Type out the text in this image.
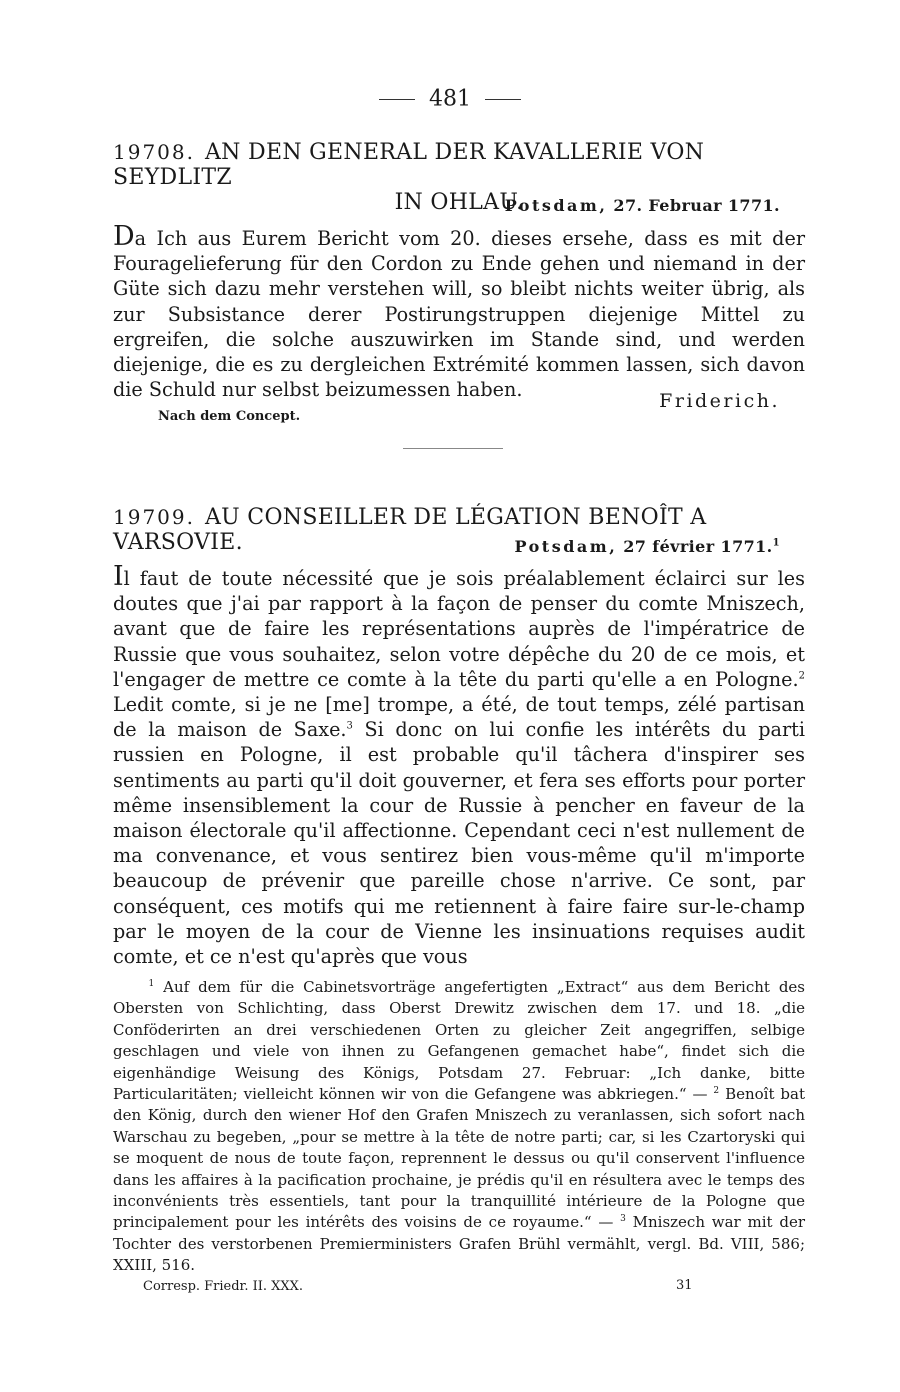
481
19708. AN DEN GENERAL DER KAVALLERIE VON SEYDLITZ
IN OHLAU.
Potsdam, 27. Februar 1771.
Da Ich aus Eurem Bericht vom 20. dieses ersehe, dass es mit der Fouragelieferung für den Cordon zu Ende gehen und niemand in der Güte sich dazu mehr verstehen will, so bleibt nichts weiter übrig, als zur Subsistance derer Postirungstruppen diejenige Mittel zu ergreifen, die solche auszuwirken im Stande sind, und werden diejenige, die es zu dergleichen Extrémité kommen lassen, sich davon die Schuld nur selbst beizumessen haben.	Friderich.
Nach dem Concept.
19709. AU CONSEILLER DE LÉGATION BENOÎT A VARSOVIE.	Potsdam, 27 février 1771.$^1$
Il faut de toute nécessité que je sois préalablement éclairci sur les doutes que j'ai par rapport à la façon de penser du comte Mniszech, avant que de faire les représentations auprès de l'impératrice de Russie que vous souhaitez, selon votre dépêche du 20 de ce mois, et l'engager de mettre ce comte à la tête du parti qu'elle a en Pologne.$^2$ Ledit comte, si je ne [me] trompe, a été, de tout temps, zélé partisan de la maison de Saxe.$^3$ Si donc on lui confie les intérêts du parti russien en Pologne, il est probable qu'il tâchera d'inspirer ses sentiments au parti qu'il doit gouverner, et fera ses efforts pour porter même insensiblement la cour de Russie à pencher en faveur de la maison électorale qu'il affectionne. Cependant ceci n'est nullement de ma convenance, et vous sentirez bien vous-même qu'il m'importe beaucoup de prévenir que pareille chose n'arrive. Ce sont, par conséquent, ces motifs qui me retiennent à faire faire sur-le-champ par le moyen de la cour de Vienne les insinuations requises audit comte, et ce n'est qu'après que vous
$^1$ Auf dem für die Cabinetsvorträge angefertigten „Extract“ aus dem Bericht des Obersten von Schlichting, dass Oberst Drewitz zwischen dem 17. und 18. „die Conföderirten an drei verschiedenen Orten zu gleicher Zeit angegriffen, selbige geschlagen und viele von ihnen zu Gefangenen gemachet habe“, findet sich die eigenhändige Weisung des Königs, Potsdam 27. Februar: „Ich danke, bitte Particularitäten; vielleicht können wir von die Gefangene was abkriegen.“ — $^2$ Benoît bat den König, durch den wiener Hof den Grafen Mniszech zu veranlassen, sich sofort nach Warschau zu begeben, „pour se mettre à la tête de notre parti; car, si les Czartoryski qui se moquent de nous de toute façon, reprennent le dessus ou qu'il conservent l'influence dans les affaires à la pacification prochaine, je prédis qu'il en résultera avec le temps des inconvénients très essentiels, tant pour la tranquillité intérieure de la Pologne que principalement pour les intérêts des voisins de ce royaume.“ — $^3$ Mniszech war mit der Tochter des verstorbenen Premierministers Grafen Brühl vermählt, vergl. Bd. VIII, 586; XXIII, 516.
Corresp. Friedr. II. XXX.	31
